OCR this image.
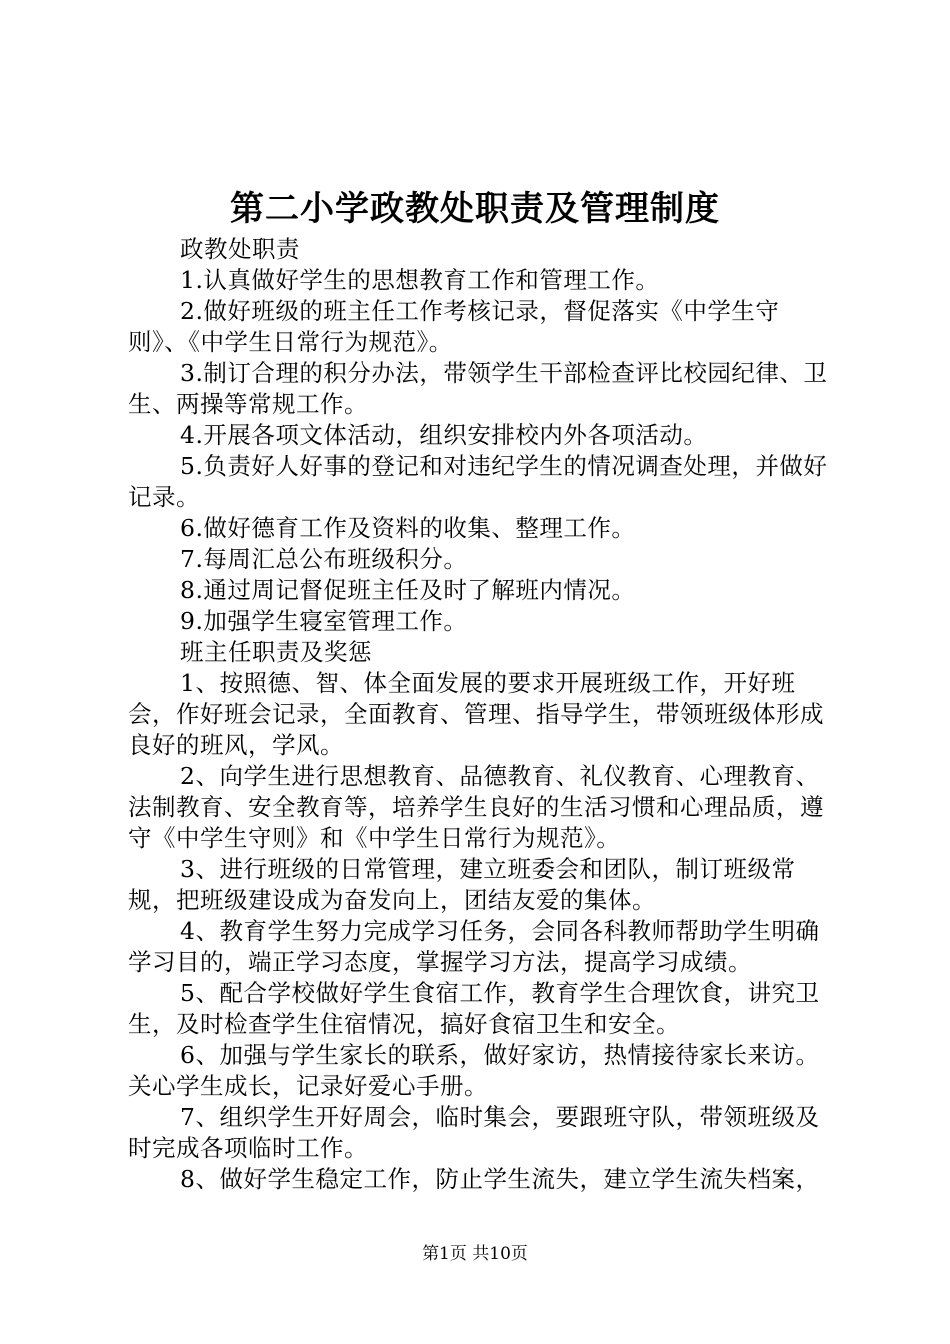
第二小学政教处职责及管理制度

政教处职责

1.认真做好学生的思想教育工作和管理工作。

2.做好班级的班主任工作考核记录，督促落实《中学生守则》、《中学生日常行为规范》。

3.制订合理的积分办法，带领学生干部检查评比校园纪律、卫生、两操等常规工作。

4.开展各项文体活动，组织安排校内外各项活动。

5.负责好人好事的登记和对违纪学生的情况调查处理，并做好记录。

6.做好德育工作及资料的收集、整理工作。

7.每周汇总公布班级积分。

8.通过周记督促班主任及时了解班内情况。

9.加强学生寝室管理工作。

班主任职责及奖惩

1、按照德、智、体全面发展的要求开展班级工作，开好班会，作好班会记录，全面教育、管理、指导学生，带领班级体形成良好的班风，学风。

2、向学生进行思想教育、品德教育、礼仪教育、心理教育、法制教育、安全教育等，培养学生良好的生活习惯和心理品质，遵守《中学生守则》和《中学生日常行为规范》。

3、进行班级的日常管理，建立班委会和团队，制订班级常规，把班级建设成为奋发向上，团结友爱的集体。

4、教育学生努力完成学习任务，会同各科教师帮助学生明确学习目的，端正学习态度，掌握学习方法，提高学习成绩。

5、配合学校做好学生食宿工作，教育学生合理饮食，讲究卫生，及时检查学生住宿情况，搞好食宿卫生和安全。

6、加强与学生家长的联系，做好家访，热情接待家长来访。关心学生成长，记录好爱心手册。

7、组织学生开好周会，临时集会，要跟班守队，带领班级及时完成各项临时工作。

8、做好学生稳定工作，防止学生流失，建立学生流失档案，

第1页 共10页
